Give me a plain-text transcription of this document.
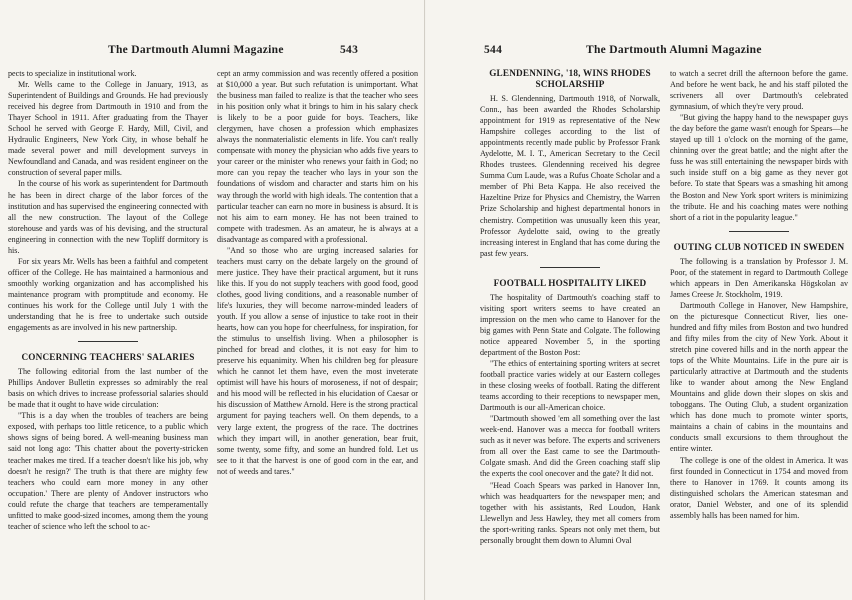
The Dartmouth Alumni Magazine	543

pects to specialize in institutional work.

Mr. Wells came to the College in January, 1913, as Superintendent of Buildings and Grounds. He had previously received his degree from Dartmouth in 1910 and from the Thayer School in 1911. After graduating from the Thayer School he served with George F. Hardy, Mill, Civil, and Hydraulic Engineers, New York City, in whose behalf he made several power and mill development surveys in Newfoundland and Canada, and was resident engineer on the construction of several paper mills.

In the course of his work as superintendent for Dartmouth he has been in direct charge of the labor forces of the institution and has supervised the engineering connected with all the new construction. The layout of the College storehouse and yards was of his devising, and the structural engineering in connection with the new Topliff dormitory is his.

For six years Mr. Wells has been a faithful and competent officer of the College. He has maintained a harmonious and smoothly working organization and has accomplished his maintenance program with promptitude and economy. He continues his work for the College until July 1 with the understanding that he is free to undertake such outside engagements as are involved in his new partnership.

CONCERNING TEACHERS' SALARIES

The following editorial from the last number of the Phillips Andover Bulletin expresses so admirably the real basis on which drives to increase professorial salaries should be made that it ought to have wide circulation:

"This is a day when the troubles of teachers are being exposed, with perhaps too little reticence, to a public which shows signs of being bored. A well-meaning business man said not long ago: 'This chatter about the poverty-stricken teacher makes me tired. If a teacher doesn't like his job, why doesn't he resign?' The truth is that there are mighty few teachers who could earn more money in any other occupation.' There are plenty of Andover instructors who could refute the charge that teachers are temperamentally unfitted to make good-sized incomes, among them the young teacher of science who left the school to ac-

cept an army commission and was recently offered a position at $10,000 a year. But such refutation is unimportant. What the business man failed to realize is that the teacher who sees in his position only what it brings to him in his salary check is likely to be a poor guide for boys. Teachers, like clergymen, have chosen a profession which emphasizes always the nonmaterialistic elements in life. You can't really compensate with money the physician who adds five years to your career or the minister who renews your faith in God; no more can you repay the teacher who lays in your son the foundations of wisdom and character and starts him on his way through the world with high ideals. The contention that a particular teacher can earn no more in business is absurd. It is not his aim to earn money. He has not been trained to compete with tradesmen. As an amateur, he is always at a disadvantage as compared with a professional.

"And so those who are urging increased salaries for teachers must carry on the debate largely on the ground of mere justice. They have their practical argument, but it runs like this. If you do not supply teachers with good food, good clothes, good living conditions, and a reasonable number of life's luxuries, they will become narrow-minded leaders of youth. If you allow a sense of injustice to take root in their hearts, how can you hope for cheerfulness, for inspiration, for the stimulus to unselfish living. When a philosopher is pinched for bread and clothes, it is not easy for him to preserve his equanimity. When his children beg for pleasure which he cannot let them have, even the most inveterate optimist will have his hours of moroseness, if not of despair; and his mood will be reflected in his elucidation of Caesar or his discussion of Matthew Arnold. Here is the strong practical argument for paying teachers well. On them depends, to a very large extent, the progress of the race. The doctrines which they impart will, in another generation, bear fruit, some twenty, some fifty, and some an hundred fold. Let us see to it that the harvest is one of good corn in the ear, and not of weeds and tares."

544	The Dartmouth Alumni Magazine
GLENDENNING, '18, WINS RHODES SCHOLARSHIP

H. S. Glendenning, Dartmouth 1918, of Norwalk, Conn., has been awarded the Rhodes Scholarship appointment for 1919 as representative of the New Hampshire colleges according to the list of appointments recently made public by Professor Frank Aydelotte, M. I. T., American Secretary to the Cecil Rhodes trustees. Glendenning received his degree Summa Cum Laude, was a Rufus Choate Scholar and a member of Phi Beta Kappa. He also received the Hazeltine Prize for Physics and Chemistry, the Warren Prize Scholarship and highest departmental honors in chemistry. Competition was unusually keen this year, Professor Aydelotte said, owing to the greatly increasing interest in England that has come during the past few years.

FOOTBALL HOSPITALITY LIKED

The hospitality of Dartmouth's coaching staff to visiting sport writers seems to have created an impression on the men who came to Hanover for the big games with Penn State and Colgate. The following notice appeared November 5, in the sporting department of the Boston Post:

"The ethics of entertaining sporting writers at secret football practice varies widely at our Eastern colleges in these closing weeks of football. Rating the different teams according to their receptions to newspaper men, Dartmouth is our all-American choice.

"Dartmouth showed 'em all something over the last week-end. Hanover was a mecca for football writers such as it never was before. The experts and scriveners from all over the East came to see the Dartmouth-Colgate smash. And did the Green coaching staff slip the experts the cool onecover and the gate? It did not.

"Head Coach Spears was parked in Hanover Inn, which was headquarters for the newspaper men; and together with his assistants, Red Loudon, Hank Llewellyn and Jess Hawley, they met all comers from the sport-writing ranks. Spears not only met them, but personally brought them down to Alumni Oval

to watch a secret drill the afternoon before the game. And before he went back, he and his staff piloted the scriveners all over Dartmouth's celebrated gymnasium, of which they're very proud.

"But giving the happy hand to the newspaper guys the day before the game wasn't enough for Spears—he stayed up till 1 o'clock on the morning of the game, chinning over the great battle; and the night after the fuss he was still entertaining the newspaper birds with such inside stuff on a big game as they never got before. To state that Spears was a smashing hit among the Boston and New York sport writers is minimizing the tribute. He and his coaching mates were nothing short of a riot in the popularity league."

OUTING CLUB NOTICED IN SWEDEN

The following is a translation by Professor J. M. Poor, of the statement in regard to Dartmouth College which appears in Den Amerikanska Högskolan av James Creese Jr. Stockholm, 1919.

Dartmouth College in Hanover, New Hampshire, on the picturesque Connecticut River, lies one-hundred and fifty miles from Boston and two hundred and fifty miles from the city of New York. About it stretch pine covered hills and in the north appear the tops of the White Mountains. Life in the pure air is particularly attractive at Dartmouth and the students like to wander about among the New England Mountains and glide down their slopes on skis and toboggans. The Outing Club, a student organization which has done much to promote winter sports, maintains a chain of cabins in the mountains and conducts small excursions to them throughout the entire winter.

The college is one of the oldest in America. It was first founded in Connecticut in 1754 and moved from there to Hanover in 1769. It counts among its distinguished scholars the American statesman and orator, Daniel Webster, and one of its splendid assembly halls has been named for him.
